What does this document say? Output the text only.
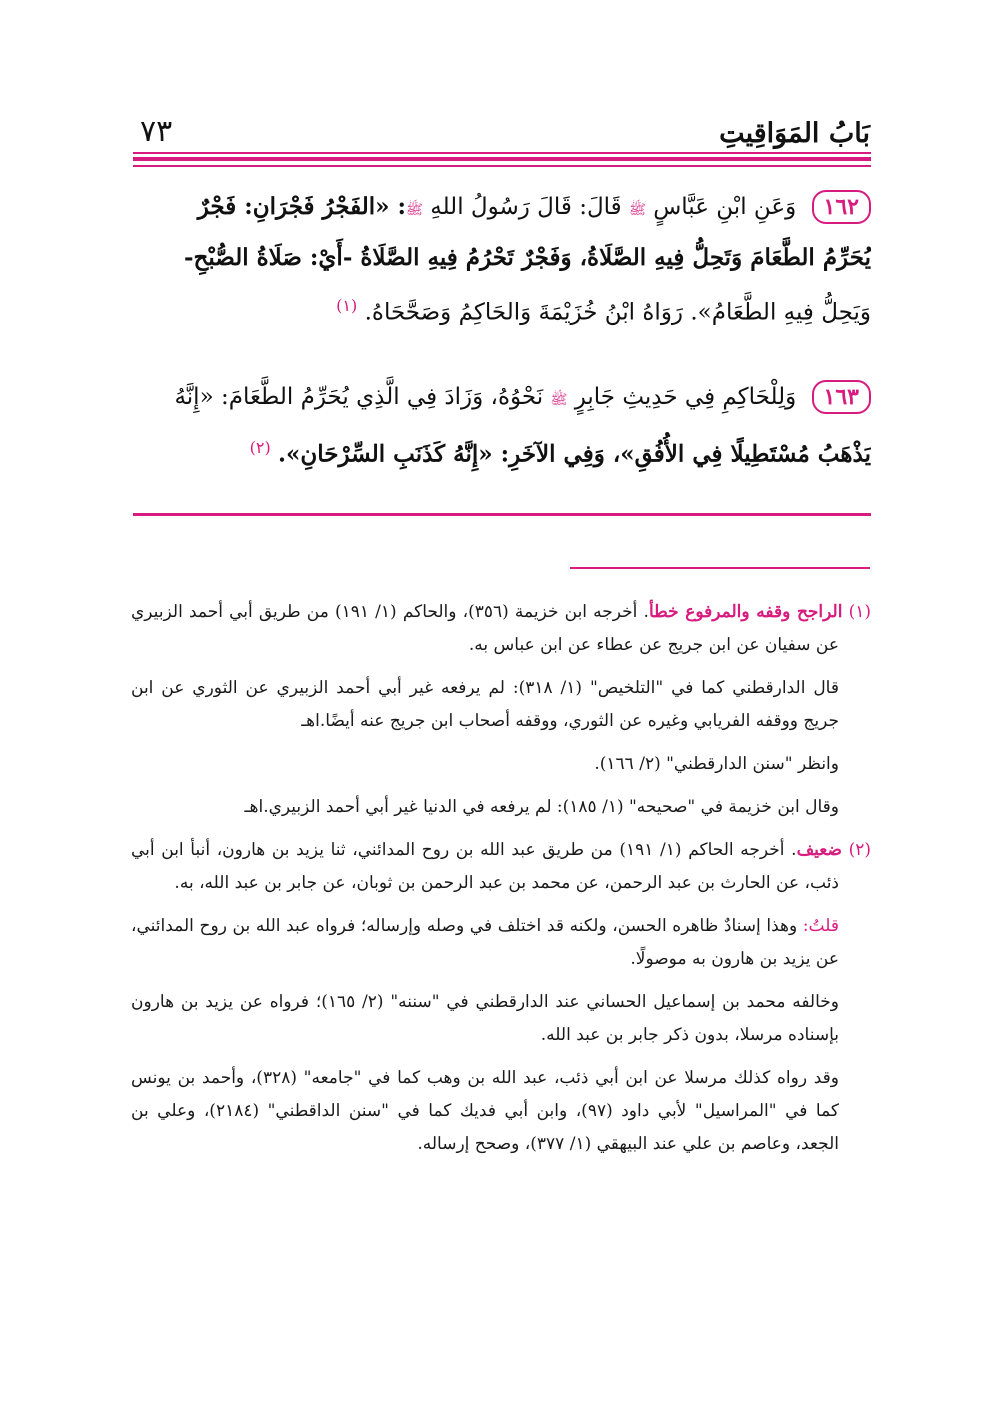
بَابُ المَوَاقِيتِ
٧٣
١٦٢ وَعَنِ ابْنِ عَبَّاسٍ ﷺ قَالَ: قَالَ رَسُولُ اللهِ ﷺ: «الفَجْرُ فَجْرَانِ: فَجْرٌ
يُحَرِّمُ الطَّعَامَ وَتَحِلُّ فِيهِ الصَّلَاةُ، وَفَجْرٌ تَحْرُمُ فِيهِ الصَّلَاةُ -أَيْ: صَلَاةُ الصُّبْحِ-
وَيَحِلُّ فِيهِ الطَّعَامُ». رَوَاهُ ابْنُ خُزَيْمَةَ وَالحَاكِمُ وَصَحَّحَاهُ. $^{(١)}$
١٦٣ وَلِلْحَاكِمِ فِي حَدِيثِ جَابِرٍ ﷺ نَحْوُهُ، وَزَادَ فِي الَّذِي يُحَرِّمُ الطَّعَامَ: «إِنَّهُ
يَذْهَبُ مُسْتَطِيلًا فِي الأُفُقِ»، وَفِي الآخَرِ: «إِنَّهُ كَذَنَبِ السِّرْحَانِ». $^{(٢)}$

(١) الراجح وقفه والمرفوع خطأ. أخرجه ابن خزيمة (٣٥٦)، والحاكم (١/ ١٩١) من طريق أبي أحمد الزبيري عن سفيان عن ابن جريج عن عطاء عن ابن عباس به.

قال الدارقطني كما في "التلخيص" (١/ ٣١٨): لم يرفعه غير أبي أحمد الزبيري عن الثوري عن ابن جريج ووقفه الفريابي وغيره عن الثوري، ووقفه أصحاب ابن جريج عنه أيضًا.اهـ

وانظر "سنن الدارقطني" (٢/ ١٦٦).

وقال ابن خزيمة في "صحيحه" (١/ ١٨٥): لم يرفعه في الدنيا غير أبي أحمد الزبيري.اهـ

(٢) ضعيف. أخرجه الحاكم (١/ ١٩١) من طريق عبد الله بن روح المدائني، ثنا يزيد بن هارون، أنبأ ابن أبي ذئب، عن الحارث بن عبد الرحمن، عن محمد بن عبد الرحمن بن ثوبان، عن جابر بن عبد الله، به.

قلتُ: وهذا إسنادٌ ظاهره الحسن، ولكنه قد اختلف في وصله وإرساله؛ فرواه عبد الله بن روح المدائني، عن يزيد بن هارون به موصولًا.

وخالفه محمد بن إسماعيل الحساني عند الدارقطني في "سننه" (٢/ ١٦٥)؛ فرواه عن يزيد بن هارون بإسناده مرسلا، بدون ذكر جابر بن عبد الله.

وقد رواه كذلك مرسلا عن ابن أبي ذئب، عبد الله بن وهب كما في "جامعه" (٣٢٨)، وأحمد بن يونس كما في "المراسيل" لأبي داود (٩٧)، وابن أبي فديك كما في "سنن الداقطني" (٢١٨٤)، وعلي بن الجعد، وعاصم بن علي عند البيهقي (١/ ٣٧٧)، وصحح إرساله.
